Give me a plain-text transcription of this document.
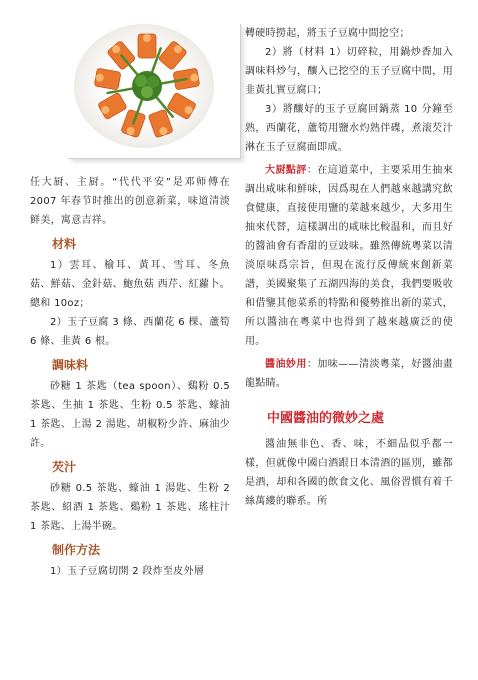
任大厨、主厨。“代代平安”是邓师傅在 2007 年春节时推出的创意新菜，味道清淡鲜美，寓意吉祥。

材料

1）雲耳、榆耳、黃耳、雪耳、冬魚菇、鮮菇、金針菇、鮑魚菇 西芹、紅蘿卜。總和 10oz；

2）玉子豆腐 3 條、西蘭花 6 棵、蘆筍 6 條、韭黃 6 根。

調味料

砂糖 1 茶匙（tea spoon）、鷄粉 0.5 茶匙、生抽 1 茶匙、生粉 0.5 茶匙、蠔油 1 茶匙、上湯 2 湯匙、胡椒粉少許、麻油少許。

芡汁

砂糖 0.5 茶匙、蠔油 1 湯匙、生粉 2 茶匙、紹酒 1 茶匙、鷄粉 1 茶匙、瑤柱汁 1 茶匙、上湯半碗。

制作方法

1）玉子豆腐切開 2 段炸至皮外層

轉硬時撈起，將玉子豆腐中間挖空；

2）將（材料 1）切碎粒，用鍋炒香加入調味料炒勻，釀入已挖空的玉子豆腐中間，用韭黃扎實豆腐口；

3）將釀好的玉子豆腐回鍋蒸 10 分鐘至熟，西蘭花，蘆筍用鹽水灼熟伴碟，煮滚芡汁淋在玉子豆腐面即成。

大厨點評：在這道菜中，主要采用生抽來調出咸味和鮮味，因爲現在人們越來越講究飲食健康，直接使用鹽的菜越來越少，大多用生抽來代替，這樣調出的咸味比較温和，而且好的醬油會有香甜的豆豉味。雖然傳統粵菜以清淡原味爲宗旨，但現在流行反傳統來創新菜譜，美國聚集了五湖四海的美食，我們要吸收和借鑒其他菜系的特點和優勢推出新的菜式，所以醬油在粵菜中也得到了越來越廣泛的使用。

醬油妙用：加味——清淡粵菜，好醬油畫龍點睛。

中國醬油的微妙之處

醬油無非色、香、味，不細品似乎都一樣，但就像中國白酒跟日本清酒的區別，雖都是酒，却和各國的飲食文化、風俗習慣有着千絲萬縷的聯系。所
